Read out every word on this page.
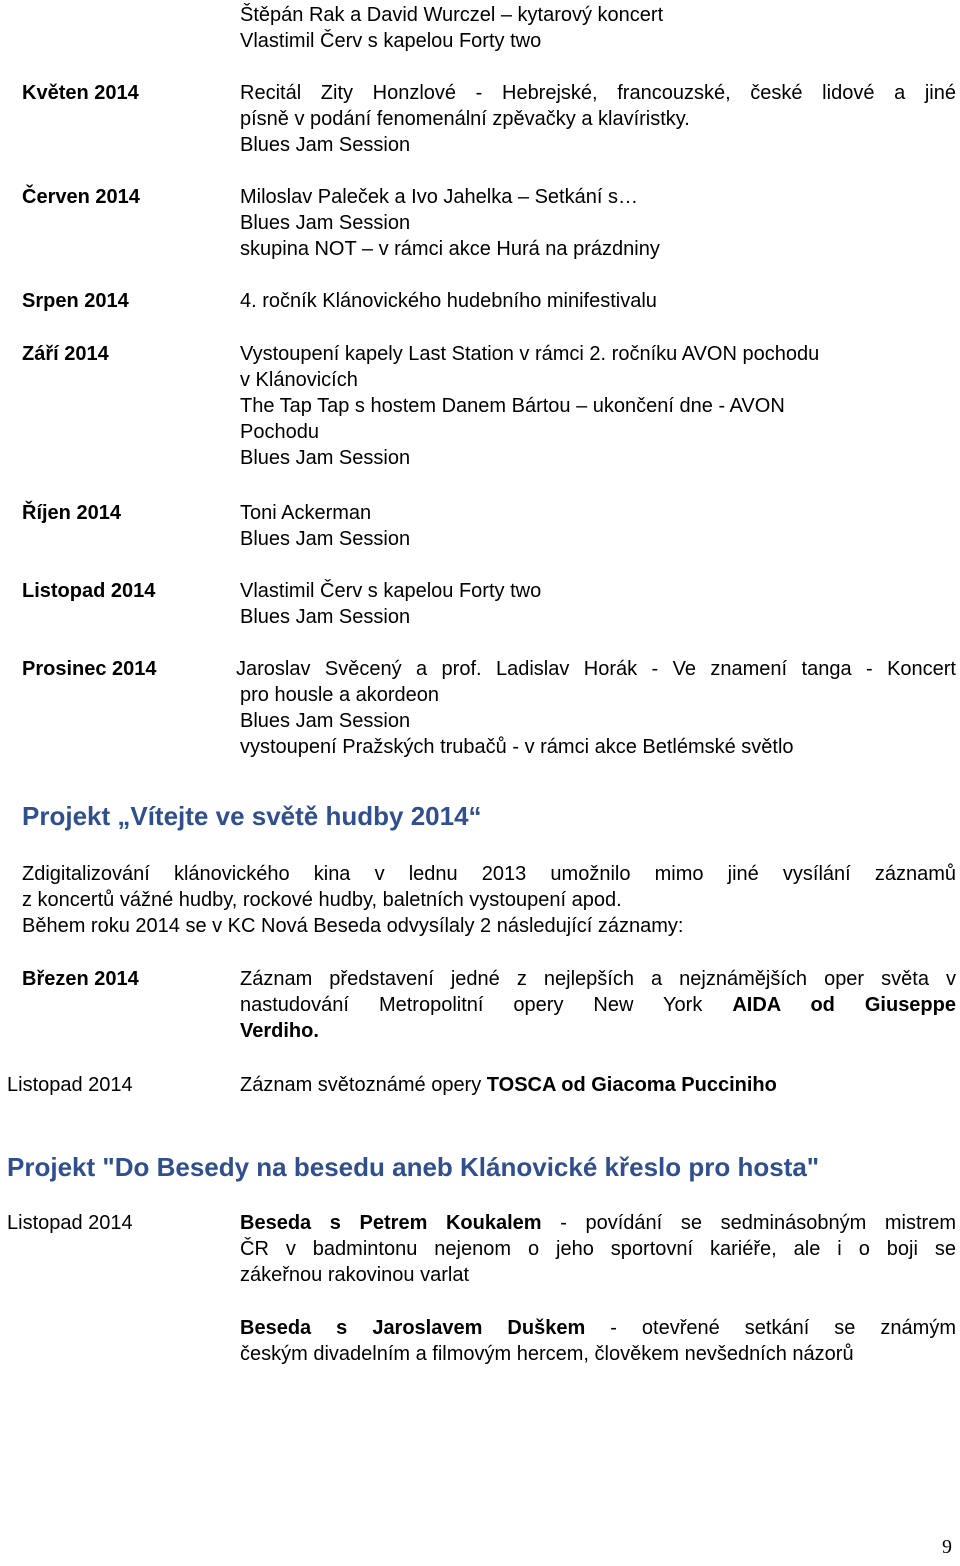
Štěpán Rak a David Wurczel – kytarový koncert
Vlastimil Červ s kapelou Forty two
Květen 2014	Recitál Zity Honzlové - Hebrejské, francouzské, české lidové a jiné
písně v podání fenomenální zpěvačky a klavíristky.
Blues Jam Session
Červen 2014	Miloslav Paleček a Ivo Jahelka – Setkání s…
Blues Jam Session
skupina NOT – v rámci akce Hurá na prázdniny
Srpen 2014	4. ročník Klánovického hudebního minifestivalu
Září 2014	Vystoupení kapely Last Station v rámci 2. ročníku AVON pochodu
v Klánovicích
The Tap Tap s hostem Danem Bártou – ukončení dne - AVON
Pochodu
Blues Jam Session
Říjen 2014	Toni Ackerman
Blues Jam Session
Listopad 2014	Vlastimil Červ s kapelou Forty two
Blues Jam Session
Prosinec 2014	Jaroslav Svěcený a prof. Ladislav Horák - Ve znamení tanga - Koncert
pro housle a akordeon
Blues Jam Session
vystoupení Pražských trubačů - v rámci akce Betlémské světlo
Projekt „Vítejte ve světě hudby 2014“
Zdigitalizování klánovického kina v lednu 2013 umožnilo mimo jiné vysílání záznamů
z koncertů vážné hudby, rockové hudby, baletních vystoupení apod.
Během roku 2014 se v KC Nová Beseda odvysílaly 2 následující záznamy:
Březen 2014	Záznam představení jedné z nejlepších a nejznámějších oper světa v
nastudování Metropolitní opery New York AIDA od Giuseppe
Verdiho.
Listopad 2014	Záznam světoznámé opery TOSCA od Giacoma Pucciniho
Projekt "Do Besedy na besedu aneb Klánovické křeslo pro hosta"
Listopad 2014	Beseda s Petrem Koukalem - povídání se sedminásobným mistrem
ČR v badmintonu nejenom o jeho sportovní kariéře, ale i o boji se
zákeřnou rakovinou varlat
Beseda s Jaroslavem Duškem - otevřené setkání se známým
českým divadelním a filmovým hercem, člověkem nevšedních názorů
9
